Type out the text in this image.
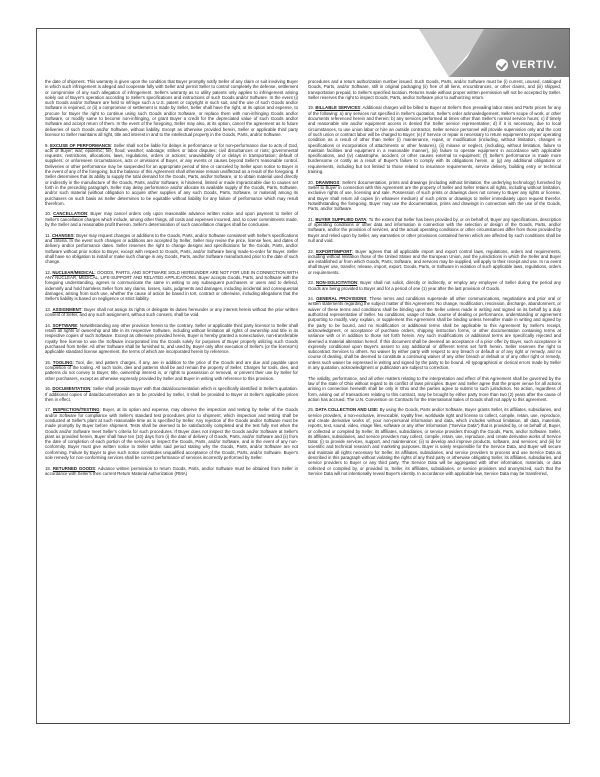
VERTIV.

the date of shipment. This warranty is given upon the condition that Buyer promptly notify Seller of any claim or suit involving Buyer in which such infringement is alleged and cooperate fully with Seller and permit Seller to control completely the defense, settlement or compromise of any such allegation of infringement. Seller's warranty as to utility patents only applies to infringement arising solely out of Buyer's operation according to Seller's specifications and instructions of such Goods and/or Software. In the event (i) such Goods and/or Software are held to infringe such a U.S. patent or copyright in such suit, and the use of such Goods and/or Software is enjoined, or (ii) a compromise or settlement is made by Seller, Seller shall have the right, at its option and expense, to procure for Buyer the right to continue using such Goods and/or Software, or replace them with non-infringing Goods and/or Software, or modify same to become non-infringing, or grant Buyer a credit for the depreciated value of such Goods and/or Software and accept return of them. In the event of the foregoing, Seller may also, at its option, cancel the agreement as to future deliveries of such Goods and/or Software, without liability. Except as otherwise provided herein, Seller or applicable third party licensor to Seller maintains all right, title and interest in and to the intellectual property in the Goods, Parts, and/or Software.

9. EXCUSE OF PERFORMANCE: Seller shall not be liable for delays in performance or for non-performance due to acts of God, acts of Buyer; war; epidemic; fire; flood; weather; sabotage; strikes or labor disputes; civil disturbances or riots; governmental requests, restrictions, allocations, laws, regulations, orders or actions; unavailability of or delays in transportation; default of suppliers; or unforeseen circumstances, acts or omissions of Buyer, or any events or causes beyond Seller's reasonable control. Deliveries or other performance may be suspended for an appropriate period of time or canceled by Seller upon notice to Buyer in the event of any of the foregoing, but the balance of this Agreement shall otherwise remain unaffected as a result of the foregoing. If Seller determines that its ability to supply the total demand for the Goods, Parts, and/or Software, or to obtain material used directly or indirectly in the manufacture of the Goods, Parts, and/or Software, is hindered, limited or made impracticable due to causes set forth in the preceding paragraph, Seller may delay performance and/or allocate its available supply of the Goods, Parts, Software, and/or such material (without obligation to acquire other supplies of any such Goods, Parts, Software, or material) among its purchasers on such basis as Seller determines to be equitable without liability for any failure of performance which may result therefrom.

10. CANCELLATION: Buyer may cancel orders only upon reasonable advance written notice and upon payment to Seller of Seller's cancellation charges which include, among other things, all costs and expenses incurred, and, to cover commitments made, by the Seller and a reasonable profit thereon. Seller's determination of such cancellation charges shall be conclusive.

11. CHANGES: Buyer may request changes or additions to the Goods, Parts, and/or Software consistent with Seller's specifications and criteria. In the event such changes or additions are accepted by Seller, Seller may revise the price, license fees, and dates of delivery and/or performance dates. Seller reserves the right to change designs and specifications for the Goods, Parts, and/or Software without prior notice to Buyer, except with respect to Goods, Parts, and/or Software being made-to-order for Buyer. Seller shall have no obligation to install or make such change in any Goods, Parts, and/or Software manufactured prior to the date of such change.

12. NUCLEAR/MEDICAL: GOODS, PARTS, AND SOFTWARE SOLD HEREUNDER ARE NOT FOR USE IN CONNECTION WITH ANY NUCLEAR, MEDICAL, LIFE-SUPPORT AND RELATED APPLICATIONS. Buyer accepts Goods, Parts, and Software with the foregoing understanding, agrees to communicate the same in writing to any subsequent purchasers or users and to defend, indemnify and hold harmless Seller from any claims, losses, suits, judgments and damages, including incidental and consequential damages, arising from such use, whether the cause of action be based in tort, contract or otherwise, including allegations that the Seller's liability is based on negligence or strict liability.

13. ASSIGNMENT: Buyer shall not assign its rights or delegate its duties hereunder or any interest herein without the prior written consent of Seller, and any such assignment, without such consent, shall be void.

14. SOFTWARE: Notwithstanding any other provision herein to the contrary, Seller or applicable third party licensor to Seller shall retain all rights of ownership and title in its respective Software, including without limitation all rights of ownership and title in its respective copies of such Software. Except as otherwise provided herein, Buyer is hereby granted a nonexclusive, non-transferable royalty free license to use the Software incorporated into the Goods solely for purposes of Buyer properly utilizing such Goods purchased from Seller. All other Software shall be furnished to, and used by, Buyer only after execution of Seller's (or the licensor's) applicable standard license agreement, the terms of which are incorporated herein by reference.

15. TOOLING: Tool, die, and pattern charges, if any, are in addition to the price of the Goods and are due and payable upon completion of the tooling. All such tools, dies and patterns shall be and remain the property of Seller. Charges for tools, dies, and patterns do not convey to Buyer, title, ownership interest in, or rights to possession or removal, or prevent their use by Seller for other purchasers, except as otherwise expressly provided by Seller and Buyer in writing with reference to this provision.

16. DOCUMENTATION: Seller shall provide Buyer with that data/documentation which is specifically identified in Seller's quotation. If additional copies of data/documentation are to be provided by Seller, it shall be provided to Buyer at Seller's applicable prices then in effect.

17. INSPECTION/TESTING: Buyer, at its option and expense, may observe the inspection and testing by Seller of the Goods and/or Software for compliance with Seller's standard test procedures prior to shipment, which inspection and testing shall be conducted at Seller's plant at such reasonable time as is specified by Seller. Any rejection of the Goods and/or Software must be made promptly by Buyer before shipment. Tests shall be deemed to be satisfactorily completed and the test fully met when the Goods and/or Software meet Seller's criteria for such procedures. If Buyer does not inspect the Goods and/or Software at Seller's plant as provided herein, Buyer shall have ten (10) days from (i) the date of delivery of Goods, Parts, and/or Software and (ii) from the date of completion of each portion of the services to inspect the Goods, Parts, and/or Software, and in the event of any non-conformity, Buyer must give written notice to Seller within said period stating why the Goods, Parts, and/or Software are not conforming. Failure by Buyer to give such notice constitutes unqualified acceptance of the Goods, Parts, and/or Software. Buyer's sole remedy for non-conforming services shall be correct performance of services incorrectly performed by Seller.

18. RETURNED GOODS: Advance written permission to return Goods, Parts, and/or Software must be obtained from Seller in accordance with Seller's then current Return Material Authorization (RMA)

procedures and a return authorization number issued. Such Goods, Parts, and/or Software must be (i) current, unused, cataloged Goods, Parts, and/or Software, still in original packaging (ii) free of all liens, encumbrances, or other claims, and (iii) shipped, transportation prepaid, to Seller's specified location. Returns made without proper written permission will not be accepted by Seller. Seller reserves the right to inspect Goods, Parts, and/or Software prior to authorizing return.

19. BILLABLE SERVICES: Additional charges will be billed to Buyer at Seller's then prevailing labor rates and Parts prices for any of the following: a) any services not specified in Seller's quotation, Seller's order acknowledgement, Seller's scope of work, or other documents referenced herein and therein; b) any services performed at times other than Seller's normal service hours; c) if timely and reasonable site and/or equipment access is denied the Seller service representative; d) if it is necessary, due to local circumstances, to use union labor or hire an outside contractor, Seller service personnel will provide supervision only and the cost of such union or contract labor will be charged to Buyer; (e) if Service or repair is necessary to return equipment to proper operating condition as a result of other than Seller (i) maintenance, repair, or modification (including, without limitation, changes in specifications or incorporation of attachments or other features), (ii) misuse or neglect, (including, without limitation, failure to maintain facilities and equipment in a reasonable manner), (iii) failure to operate equipment in accordance with applicable specifications, and (iv) catastrophe, accident, or other causes external to equipment; (f) Seller's performance is made more burdensome or costly as a result of Buyer's failure to comply with its obligations herein, or (g) any additional obligations or requirements, including but not limited to those related to insurance requirements, service delivery, building entry or technical training.

20. DRAWINGS: Seller's documentation, prints and drawings (including without limitation, the underlying technology) furnished by Seller to Buyer in connection with this Agreement are the property of Seller and Seller retains all rights, including without limitation, exclusive rights of use, licensing and sale. Possession of such prints or drawings does not convey to Buyer any rights or license, and Buyer shall return all copies (in whatever medium) of such prints or drawings to Seller immediately upon request therefor. Notwithstanding the foregoing, Buyer may use the documentation, prints and drawings in connection with the use of the Goods, Parts, and/or Software.

21. BUYER SUPPLIED DATA: To the extent that Seller has been provided by, or on behalf of, Buyer any specifications, description of operating conditions or other data and information in connection with the selection or design of the Goods, Parts, and/or Software, and/or the provision of services, and the actual operating conditions or other circumstances differ from those provided by Buyer and relied upon by Seller, any warranties or other provisions contained herein which are affected by such conditions shall be null and void.

22. EXPORT/IMPORT: Buyer agrees that all applicable import and export control laws, regulations, orders and requirements, including without limitation those of the United States and the European Union, and the jurisdictions in which the Seller and Buyer are established or from which Goods, Parts, Software, and services may be supplied, will apply to their receipt and use. In no event shall Buyer use, transfer, release, import, export, Goods, Parts, or Software in violation of such applicable laws, regulations, orders or requirements.

23. NON-SOLICITATION: Buyer shall not solicit, directly or indirectly, or employ any employee of Seller during the period any Goods are being provided to Buyer and for a period of one (1) year after the last provision of Goods.

24. GENERAL PROVISIONS: These terms and conditions supersede all other communications, negotiations and prior oral or written statements regarding the subject matter of this Agreement. No change, modification, rescission, discharge, abandonment, or waiver of these terms and conditions shall be binding upon the Seller unless made in writing and signed on its behalf by a duly authorized representative of Seller. No conditions, usage of trade, course of dealing or performance, understanding or agreement purporting to modify, vary, explain, or supplement this Agreement shall be binding unless hereafter made in writing and signed by the party to be bound, and no modification or additional terms shall be applicable to this Agreement by Seller's receipt, acknowledgment, or acceptance of purchase orders, shipping instruction forms, or other documentation containing terms at variance with or in addition to those set forth herein. Any such modifications or additional terms are specifically rejected and deemed a material alteration hereof. If this document shall be deemed an acceptance of a prior offer by Buyer, such acceptance is expressly conditional upon Buyer's assent to any additional or different terms set forth herein. Seller reserves the right to subcontract Services to others. No waiver by either party with respect to any breach or default or of any right or remedy, and no course of dealing, shall be deemed to constitute a continuing waiver of any other breach or default or of any other right or remedy, unless such waiver be expressed in writing and signed by the party to be bound. All typographical or clerical errors made by Seller in any quotation, acknowledgment or publication are subject to correction.

The validity, performance, and all other matters relating to the interpretation and effect of this Agreement shall be governed by the law of the state of Ohio without regard to its conflict of laws principles. Buyer and Seller agree that the proper venue for all actions arising in connection herewith shall be only in Ohio and the parties agree to submit to such jurisdiction. No action, regardless of form, arising out of transactions relating to this contract, may be brought by either party more than two (2) years after the cause of action has accrued. The U.N. Convention on Contracts for the International Sales of Goods shall not apply to this agreement.

25. DATA COLLECTION AND USE: By using the Goods, Parts and/or Software, Buyer grants Seller, its affiliates, subsidiaries, and service providers, a non-exclusive, irrevocable, royalty free, worldwide right and license to collect, compile, retain, use, reproduce, and create derivative works of, your non-personal information and data, which includes without limitation, all data, materials, reports, text, sound, video, image files, software or any other information ("Service Data") that is provided by, or on behalf of, Buyer, or collected or compiled by Seller, its affiliates, subsidiaries, or service providers through the Goods, Parts, and/or Software. Seller, its affiliates, subsidiaries, and service providers may collect, compile, retain, use, reproduce, and create derivative works of Service Data: (i) to provide services, support, and maintenance; (ii) to develop and improve products, software, and services; and (iii) for scientific and technical research and marketing purposes. Buyer is solely responsible for the Service Data, and Buyer will secure and maintain all rights necessary for Seller, its affiliates, subsidiaries, and service providers to process and use Service Data as described in this paragraph without violating the rights of any third party or otherwise obligating Seller, its affiliates, subsidiaries, and service providers to Buyer or any third party. The Service Data will be aggregated with other information, materials, or data collected or compiled by, or provided to, Seller, its affiliates, subsidiaries, or service providers and anonymized, such that the Service Data will not intentionally reveal Buyer's identity. In accordance with applicable law, Service Data may be transferred,
